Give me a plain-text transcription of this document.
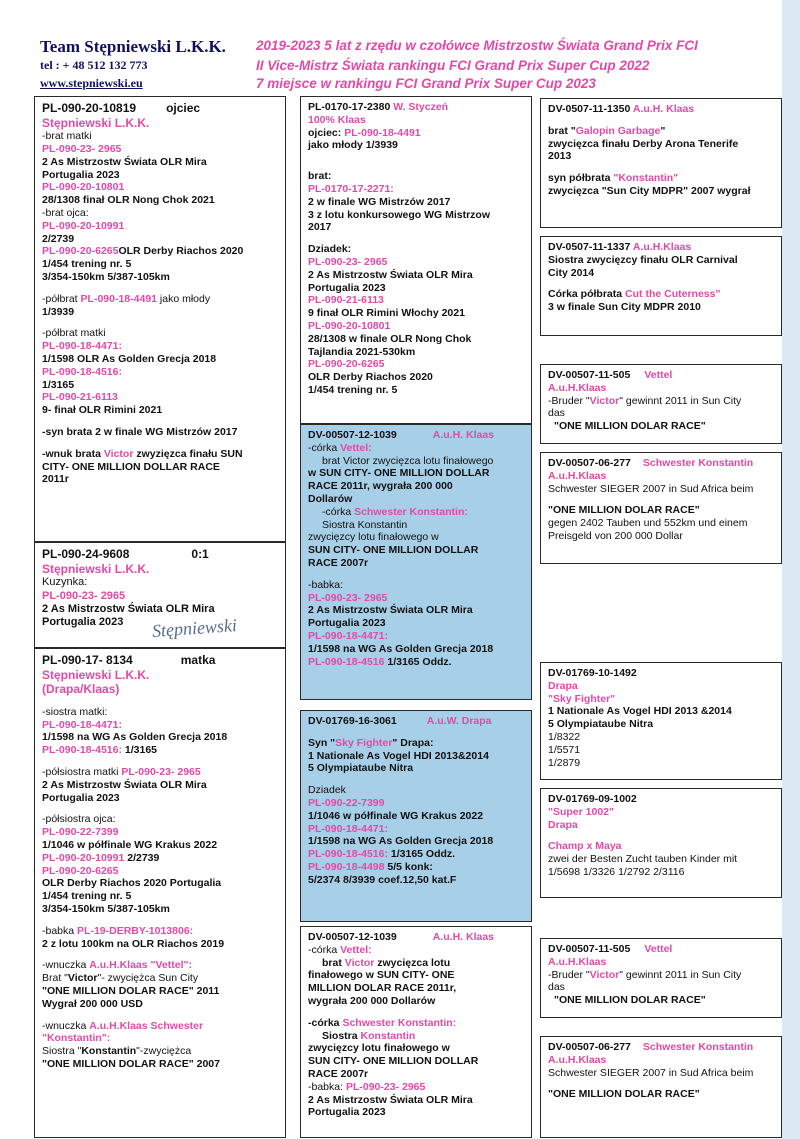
Team Stępniewski L.K.K.
tel : + 48 512 132 773
www.stepniewski.eu
2019-2023 5 lat z rzędu w czołówce Mistrzostw Świata Grand Prix FCI
II Vice-Mistrz Świata rankingu FCI Grand Prix Super Cup 2022
7 miejsce w rankingu FCI Grand Prix Super Cup 2023
PL-090-20-10819	ojciec
Stępniewski L.K.K.
-brat matki
PL-090-23- 2965
2 As Mistrzostw Świata OLR Mira
Portugalia 2023
PL-090-20-10801
28/1308 finał OLR Nong Chok 2021
-brat ojca:
PL-090-20-10991
2/2739
PL-090-20-6265OLR Derby Riachos 2020
1/454 trening nr. 5
3/354-150km 5/387-105km
-półbrat PL-090-18-4491 jako młody
1/3939
-półbrat matki
PL-090-18-4471:
1/1598 OLR As Golden Grecja 2018
PL-090-18-4516:
1/3165
PL-090-21-6113
9- finał OLR Rimini 2021
-syn brata 2 w finale WG Mistrzów 2017
-wnuk brata Victor zwyzięzca finału SUN
CITY- ONE MILLION DOLLAR RACE
2011r
PL-090-24-9608	0:1
Stępniewski L.K.K.
Kuzynka:
PL-090-23- 2965
2 As Mistrzostw Świata OLR Mira
Portugalia 2023	Stępniewski
PL-090-17- 8134	matka
Stępniewski L.K.K.
(Drapa/Klaas)
-siostra matki:
PL-090-18-4471:
1/1598 na WG As Golden Grecja 2018
PL-090-18-4516: 1/3165
-półsiostra matki PL-090-23- 2965
2 As Mistrzostw Świata OLR Mira
Portugalia 2023
-półsiostra ojca:
PL-090-22-7399
1/1046 w półfinale WG Krakus 2022
PL-090-20-10991 2/2739
PL-090-20-6265
OLR Derby Riachos 2020 Portugalia
1/454 trening nr. 5
3/354-150km 5/387-105km
-babka PL-19-DERBY-1013806:
2 z lotu 100km na OLR Riachos 2019
-wnuczka A.u.H.Klaas "Vettel":
Brat "Victor"- zwyciężca Sun City
"ONE MILLION DOLAR RACE" 2011
Wygrał 200 000 USD
-wnuczka A.u.H.Klaas Schwester
"Konstantin":
Siostra "Konstantin"-zwyciężca
"ONE MILLION DOLAR RACE" 2007
PL-0170-17-2380 W. Styczeń
100% Klaas
ojciec: PL-090-18-4491
jako młody 1/3939
brat:
PL-0170-17-2271:
2 w finale WG Mistrzów 2017
3 z lotu konkursowego WG Mistrzow
2017
Dziadek:
PL-090-23- 2965
2 As Mistrzostw Świata OLR Mira
Portugalia 2023
PL-090-21-6113
9 finał OLR Rimini Włochy 2021
PL-090-20-10801
28/1308 w finale OLR Nong Chok
Tajlandia 2021-530km
PL-090-20-6265
OLR Derby Riachos 2020
1/454 trening nr. 5
DV-00507-12-1039	A.u.H. Klaas
-córka Vettel:
brat Victor zwycięzca lotu finałowego
w SUN CITY- ONE MILLION DOLLAR
RACE 2011r, wygrała 200 000
Dollarów
-córka Schwester Konstantin:
Siostra Konstantin
zwycięzcy lotu finałowego w
SUN CITY- ONE MILLION DOLLAR
RACE 2007r
-babka:
PL-090-23- 2965
2 As Mistrzostw Świata OLR Mira
Portugalia 2023
PL-090-18-4471:
1/1598 na WG As Golden Grecja 2018
PL-090-18-4516 1/3165 Oddz.
DV-01769-16-3061	A.u.W. Drapa
Syn "Sky Fighter" Drapa:
1 Nationale As Vogel HDI 2013&2014
5 Olympiataube Nitra
Dziadek
PL-090-22-7399
1/1046 w półfinale WG Krakus 2022
PL-090-18-4471:
1/1598 na WG As Golden Grecja 2018
PL-090-18-4516: 1/3165 Oddz.
PL-090-18-4498 5/5 konk:
5/2374 8/3939 coef.12,50 kat.F
DV-00507-12-1039	A.u.H. Klaas
-córka Vettel:
brat Victor zwycięzca lotu
finałowego w SUN CITY- ONE
MILLION DOLAR RACE 2011r,
wygrała 200 000 Dollarów
-córka Schwester Konstantin:
Siostra Konstantin
zwycięzcy lotu finałowego w
SUN CITY- ONE MILLION DOLLAR
RACE 2007r
-babka: PL-090-23- 2965
2 As Mistrzostw Świata OLR Mira
Portugalia 2023
DV-0507-11-1350 A.u.H. Klaas
brat "Galopin Garbage"
zwycięzca finału Derby Arona Tenerife
2013
syn półbrata "Konstantin"
zwycięzca "Sun City MDPR" 2007 wygrał
DV-0507-11-1337 A.u.H.Klaas
Siostra zwycięzcy finału OLR Carnival
City 2014
Córka półbrata Cut the Cuterness"
3 w finale Sun City MDPR 2010
DV-00507-11-505 Vettel
A.u.H.Klaas
-Bruder "Victor" gewinnt 2011 in Sun City
das
"ONE MILLION DOLAR RACE"
DV-00507-06-277 Schwester Konstantin
A.u.H.Klaas
Schwester SIEGER 2007 in Sud Africa beim
"ONE MILLION DOLAR RACE"
gegen 2402 Tauben und 552km und einem
Preisgeld von 200 000 Dollar
DV-01769-10-1492
Drapa
"Sky Fighter"
1 Nationale As Vogel HDI 2013 &2014
5 Olympiataube Nitra
1/8322
1/5571
1/2879
DV-01769-09-1002
"Super 1002"
Drapa
Champ x Maya
zwei der Besten Zucht tauben Kinder mit
1/5698 1/3326 1/2792 2/3116
DV-00507-11-505 Vettel
A.u.H.Klaas
-Bruder "Victor" gewinnt 2011 in Sun City
das
"ONE MILLION DOLAR RACE"
DV-00507-06-277 Schwester Konstantin
A.u.H.Klaas
Schwester SIEGER 2007 in Sud Africa beim
"ONE MILLION DOLAR RACE"
